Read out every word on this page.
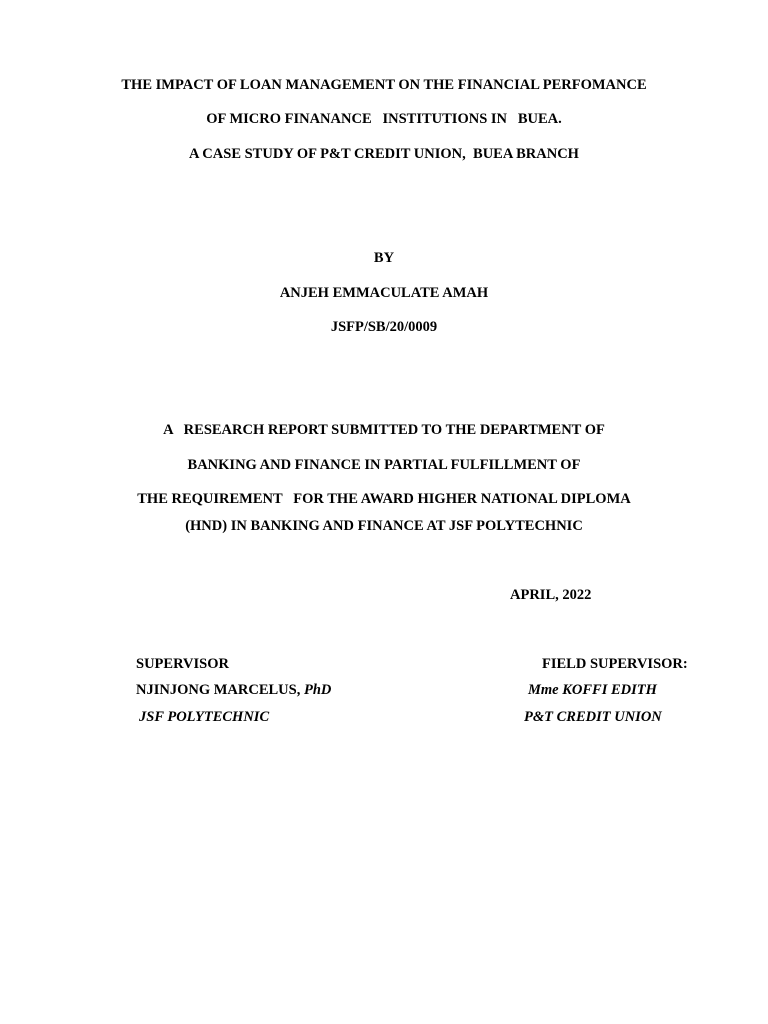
THE IMPACT OF LOAN MANAGEMENT ON THE FINANCIAL PERFOMANCE
OF MICRO FINANANCE   INSTITUTIONS IN   BUEA.
A CASE STUDY OF P&T CREDIT UNION,  BUEA BRANCH
BY
ANJEH EMMACULATE AMAH
JSFP/SB/20/0009
A   RESEARCH REPORT SUBMITTED TO THE DEPARTMENT OF
BANKING AND FINANCE IN PARTIAL FULFILLMENT OF
THE REQUIREMENT   FOR THE AWARD HIGHER NATIONAL DIPLOMA
(HND) IN BANKING AND FINANCE AT JSF POLYTECHNIC
APRIL, 2022
SUPERVISOR
NJINJONG MARCELUS, PhD
JSF POLYTECHNIC
FIELD SUPERVISOR:
Mme KOFFI EDITH
P&T CREDIT UNION
